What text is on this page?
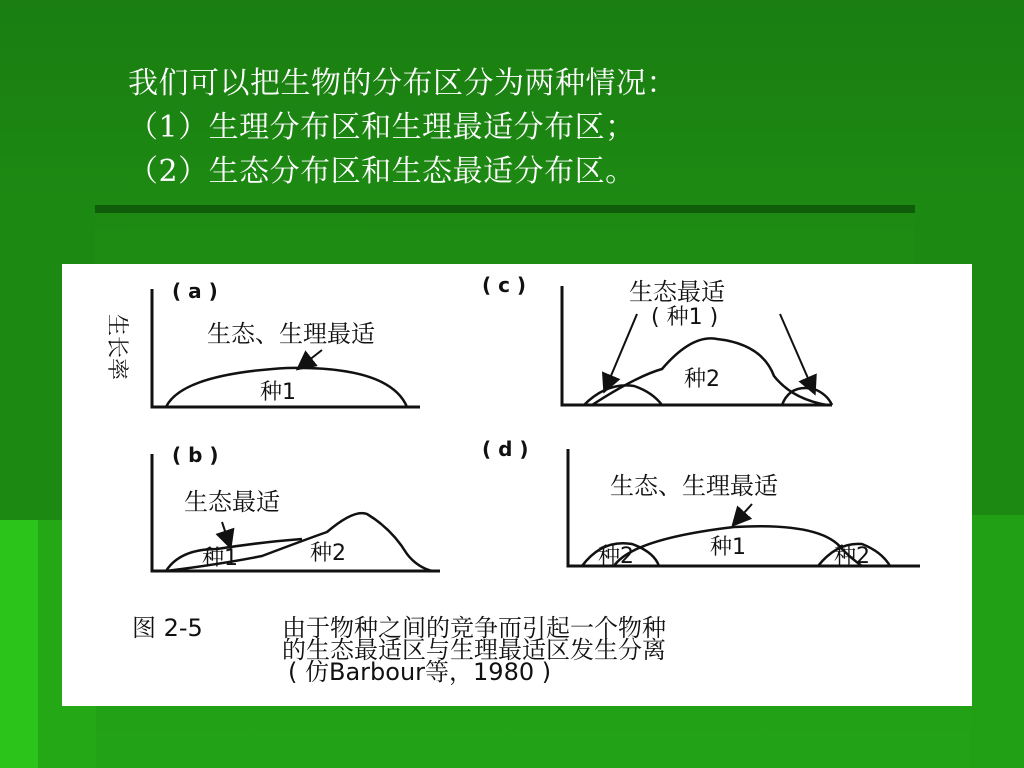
我们可以把生物的分布区分为两种情况：
（1）生理分布区和生理最适分布区；
（2）生态分布区和生态最适分布区。
生长率
( a )
生态、生理最适
种1
( c )	生态最适
( 种1 )
种2
( b )
生态最适
种1	种2
( d )
生态、生理最适
种1
种2	种2
图 2-5	由于物种之间的竞争而引起一个物种
的生态最适区与生理最适区发生分离
( 仿Barbour等，1980 )
